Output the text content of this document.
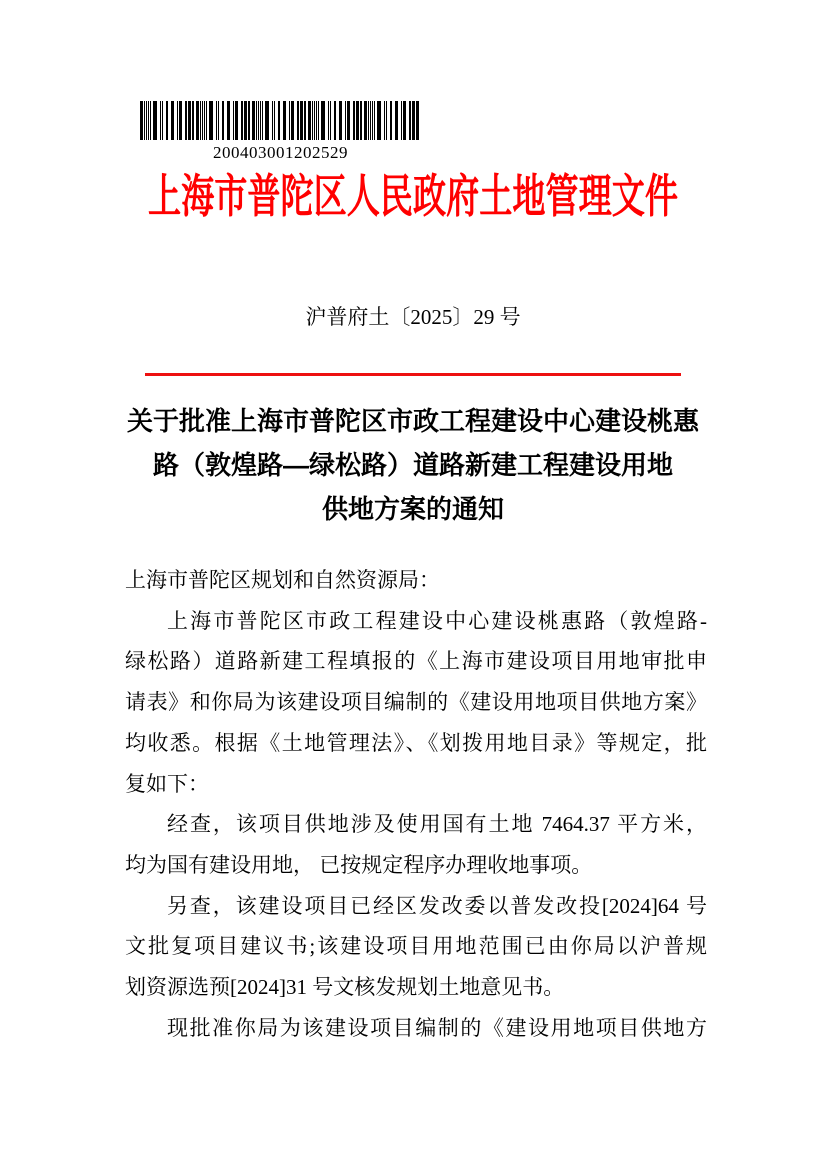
200403001202529
上海市普陀区人民政府土地管理文件
沪普府土〔2025〕29 号
关于批准上海市普陀区市政工程建设中心建设桃惠
路（敦煌路—绿松路）道路新建工程建设用地
供地方案的通知
上海市普陀区规划和自然资源局：
上海市普陀区市政工程建设中心建设桃惠路（敦煌路-
绿松路）道路新建工程填报的《上海市建设项目用地审批申
请表》和你局为该建设项目编制的《建设用地项目供地方案》
均收悉。根据《土地管理法》、《划拨用地目录》等规定，批
复如下：
经查，该项目供地涉及使用国有土地 7464.37 平方米，
均为国有建设用地， 已按规定程序办理收地事项。
另查，该建设项目已经区发改委以普发改投[2024]64 号
文批复项目建议书;该建设项目用地范围已由你局以沪普规
划资源选预[2024]31 号文核发规划土地意见书。
现批准你局为该建设项目编制的《建设用地项目供地方
